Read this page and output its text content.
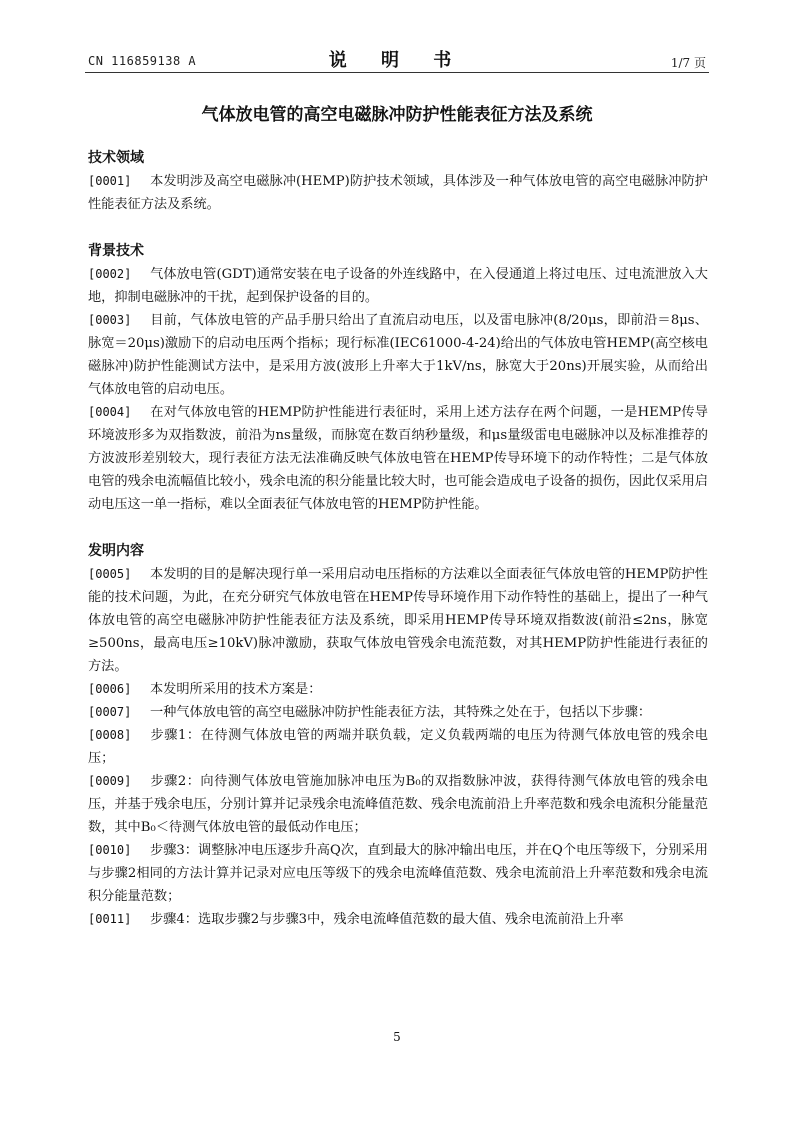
CN 116859138 A	说 明 书	1/7 页
气体放电管的高空电磁脉冲防护性能表征方法及系统
技术领域

[0001] 本发明涉及高空电磁脉冲(HEMP)防护技术领域，具体涉及一种气体放电管的高空电磁脉冲防护性能表征方法及系统。

背景技术

[0002] 气体放电管(GDT)通常安装在电子设备的外连线路中，在入侵通道上将过电压、过电流泄放入大地，抑制电磁脉冲的干扰，起到保护设备的目的。

[0003] 目前，气体放电管的产品手册只给出了直流启动电压，以及雷电脉冲(8/20μs，即前沿＝8μs、脉宽＝20μs)激励下的启动电压两个指标；现行标准(IEC61000-4-24)给出的气体放电管HEMP(高空核电磁脉冲)防护性能测试方法中，是采用方波(波形上升率大于1kV/ns，脉宽大于20ns)开展实验，从而给出气体放电管的启动电压。

[0004] 在对气体放电管的HEMP防护性能进行表征时，采用上述方法存在两个问题，一是HEMP传导环境波形多为双指数波，前沿为ns量级，而脉宽在数百纳秒量级，和μs量级雷电电磁脉冲以及标准推荐的方波波形差别较大，现行表征方法无法准确反映气体放电管在HEMP传导环境下的动作特性；二是气体放电管的残余电流幅值比较小，残余电流的积分能量比较大时，也可能会造成电子设备的损伤，因此仅采用启动电压这一单一指标，难以全面表征气体放电管的HEMP防护性能。

发明内容

[0005] 本发明的目的是解决现行单一采用启动电压指标的方法难以全面表征气体放电管的HEMP防护性能的技术问题，为此，在充分研究气体放电管在HEMP传导环境作用下动作特性的基础上，提出了一种气体放电管的高空电磁脉冲防护性能表征方法及系统，即采用HEMP传导环境双指数波(前沿≤2ns，脉宽≥500ns，最高电压≥10kV)脉冲激励，获取气体放电管残余电流范数，对其HEMP防护性能进行表征的方法。

[0006] 本发明所采用的技术方案是：

[0007] 一种气体放电管的高空电磁脉冲防护性能表征方法，其特殊之处在于，包括以下步骤：

[0008] 步骤1：在待测气体放电管的两端并联负载，定义负载两端的电压为待测气体放电管的残余电压；

[0009] 步骤2：向待测气体放电管施加脉冲电压为B₀的双指数脉冲波，获得待测气体放电管的残余电压，并基于残余电压，分别计算并记录残余电流峰值范数、残余电流前沿上升率范数和残余电流积分能量范数，其中B₀＜待测气体放电管的最低动作电压；

[0010] 步骤3：调整脉冲电压逐步升高Q次，直到最大的脉冲输出电压，并在Q个电压等级下，分别采用与步骤2相同的方法计算并记录对应电压等级下的残余电流峰值范数、残余电流前沿上升率范数和残余电流积分能量范数；

[0011] 步骤4：选取步骤2与步骤3中，残余电流峰值范数的最大值、残余电流前沿上升率

5
